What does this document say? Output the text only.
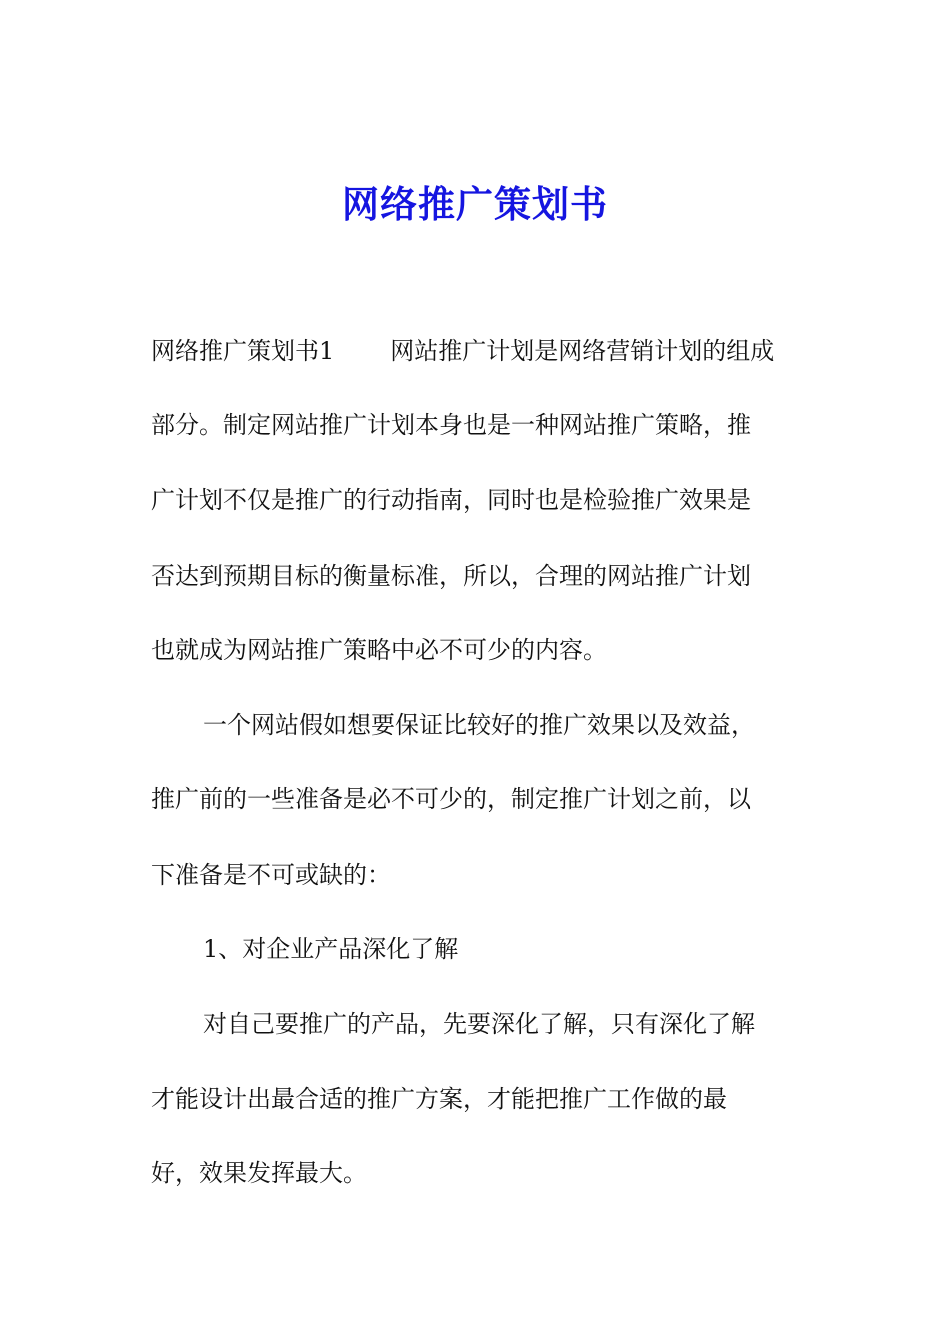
网络推广策划书
网络推广策划书1 网站推广计划是网络营销计划的组成
部分。制定网站推广计划本身也是一种网站推广策略，推
广计划不仅是推广的行动指南，同时也是检验推广效果是
否达到预期目标的衡量标准，所以，合理的网站推广计划
也就成为网站推广策略中必不可少的内容。
一个网站假如想要保证比较好的推广效果以及效益，
推广前的一些准备是必不可少的，制定推广计划之前，以
下准备是不可或缺的：
1、对企业产品深化了解
对自己要推广的产品，先要深化了解，只有深化了解
才能设计出最合适的推广方案，才能把推广工作做的最
好，效果发挥最大。
